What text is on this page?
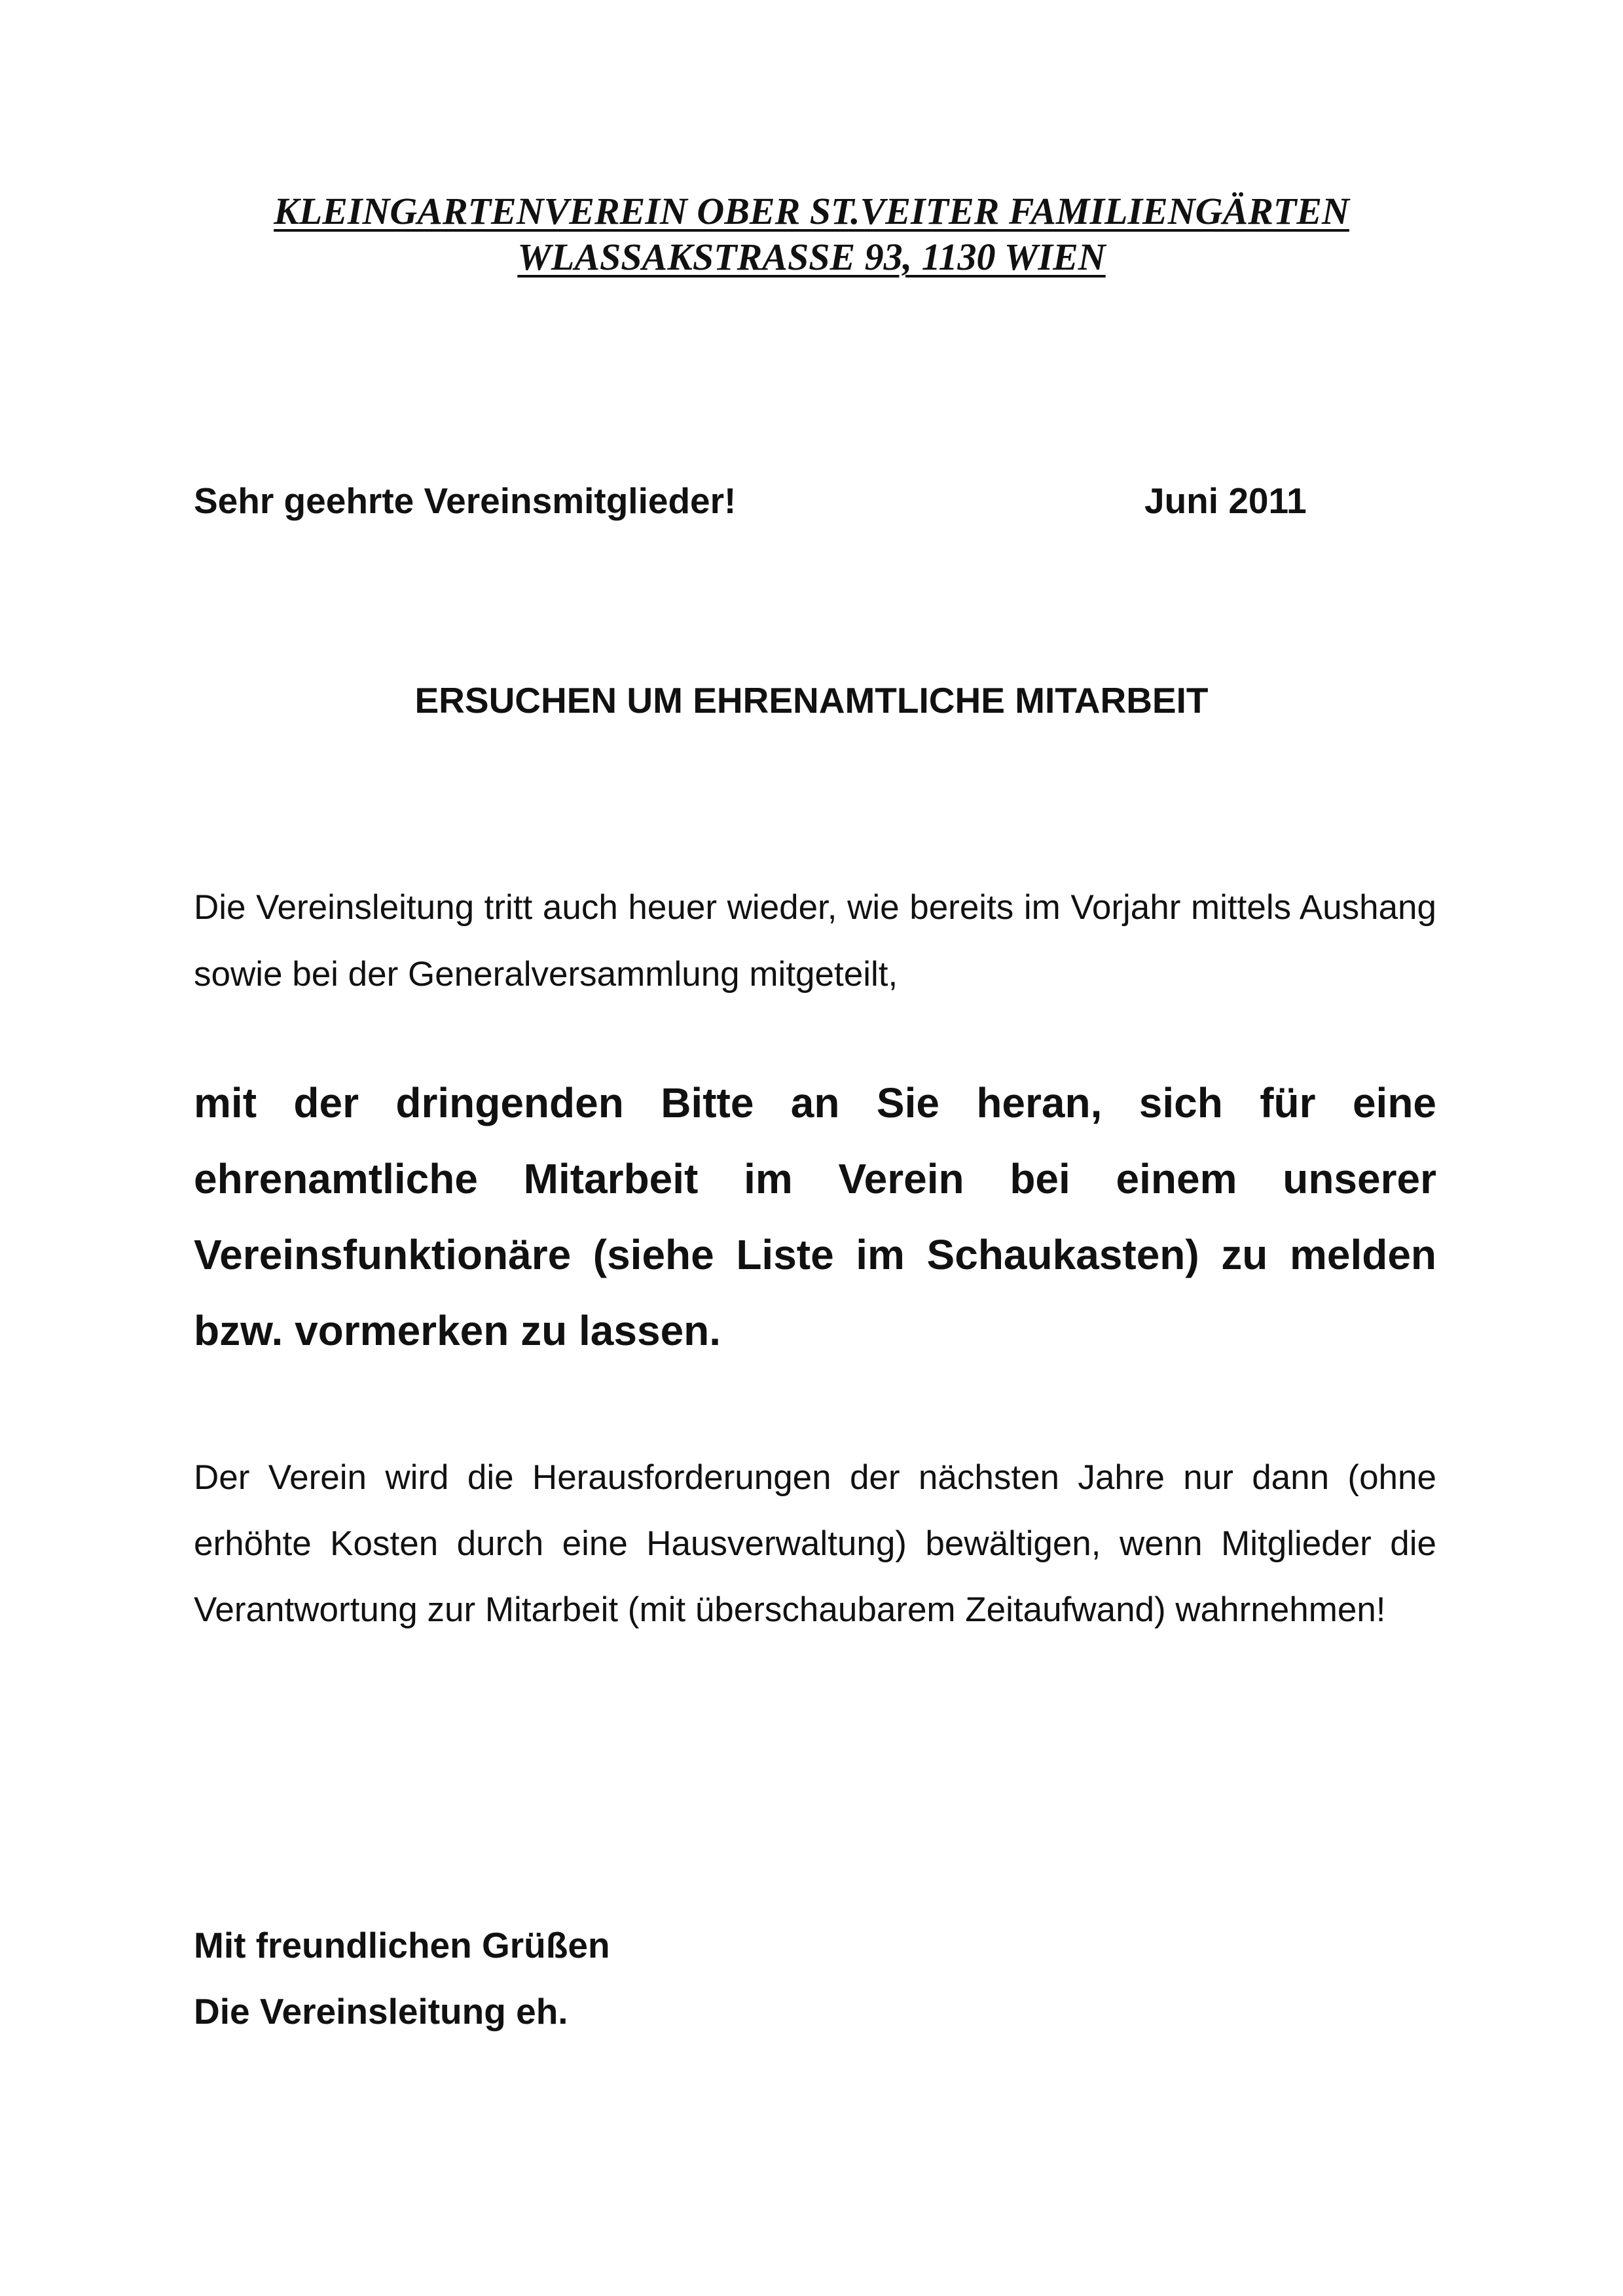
KLEINGARTENVEREIN OBER ST.VEITER FAMILIENGÄRTEN
WLASSAKSTRASSE 93, 1130 WIEN
Sehr geehrte Vereinsmitglieder!	Juni 2011
ERSUCHEN UM EHRENAMTLICHE MITARBEIT
Die Vereinsleitung tritt auch heuer wieder, wie bereits im Vorjahr mittels Aushang sowie bei der Generalversammlung mitgeteilt,
mit der dringenden Bitte an Sie heran, sich für eine ehrenamtliche Mitarbeit im Verein bei einem unserer Vereinsfunktionäre (siehe Liste im Schaukasten) zu melden bzw. vormerken zu lassen.
Der Verein wird die Herausforderungen der nächsten Jahre nur dann (ohne erhöhte Kosten durch eine Hausverwaltung) bewältigen, wenn Mitglieder die Verantwortung zur Mitarbeit (mit überschaubarem Zeitaufwand) wahrnehmen!
Mit freundlichen Grüßen
Die Vereinsleitung eh.
